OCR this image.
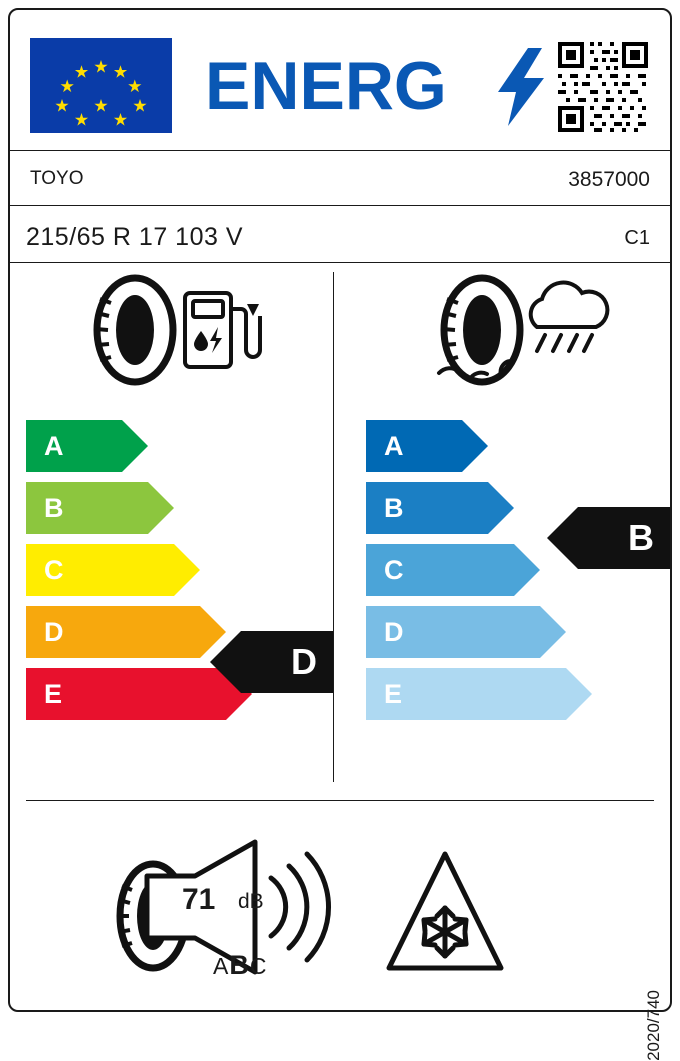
ENERG
TOYO	3857000
215/65 R 17 103 V	C1
A
B
C
D
E
D
A
B
C
D
E
B
71 dB
ABC
2020/740
